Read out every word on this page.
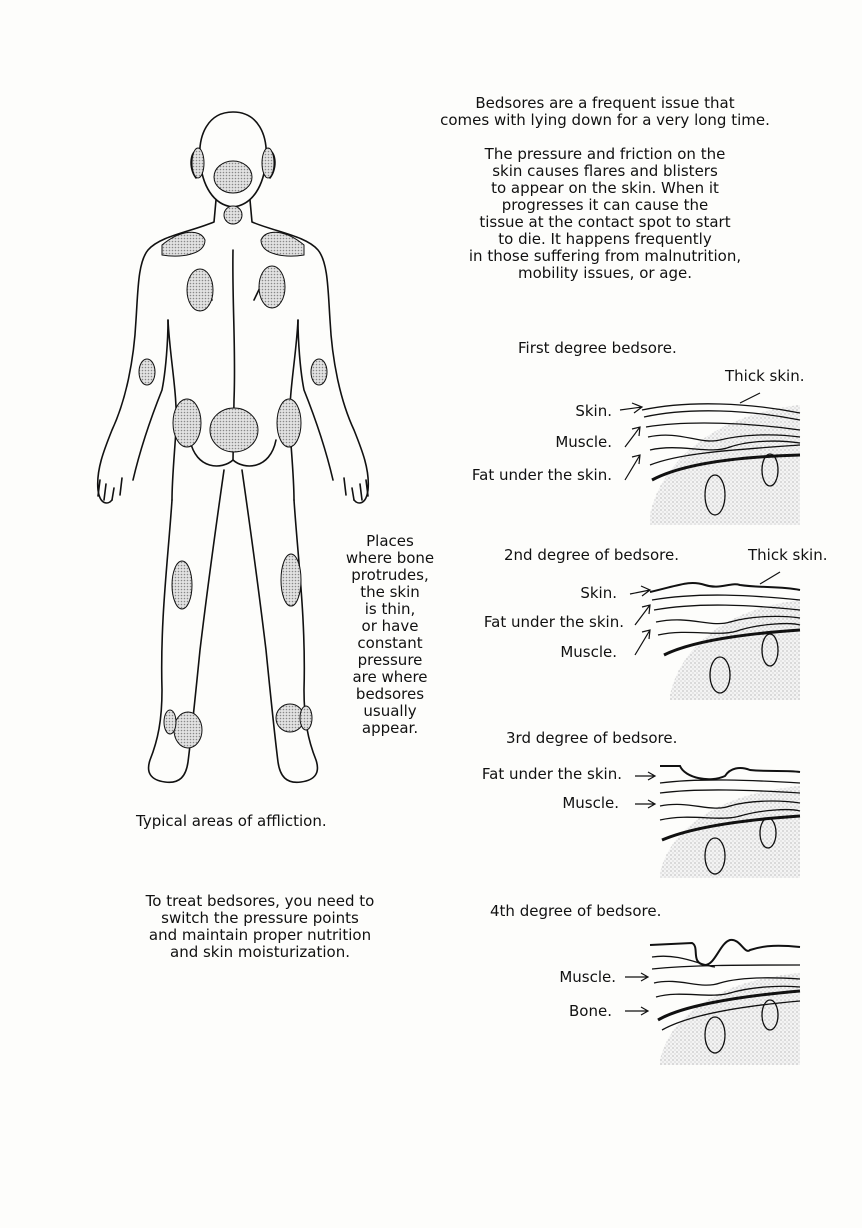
Bedsores are a frequent issue that
comes with lying down for a very long time.
The pressure and friction on the
skin causes flares and blisters
to appear on the skin. When it
progresses it can cause the
tissue at the contact spot to start
to die. It happens frequently
in those suffering from malnutrition,
mobility issues, or age.
Places
where bone
protrudes,
the skin
is thin,
or have
constant
pressure
are where
bedsores
usually
appear.
Typical areas of affliction.
To treat bedsores, you need to
switch the pressure points
and maintain proper nutrition
and skin moisturization.
First degree bedsore.
Thick skin.
Skin.
Muscle.
Fat under the skin.
2nd degree of bedsore.	Thick skin.
Skin.
Fat under the skin.
Muscle.
3rd degree of bedsore.
Fat under the skin.
Muscle.
4th degree of bedsore.
Muscle.
Bone.
